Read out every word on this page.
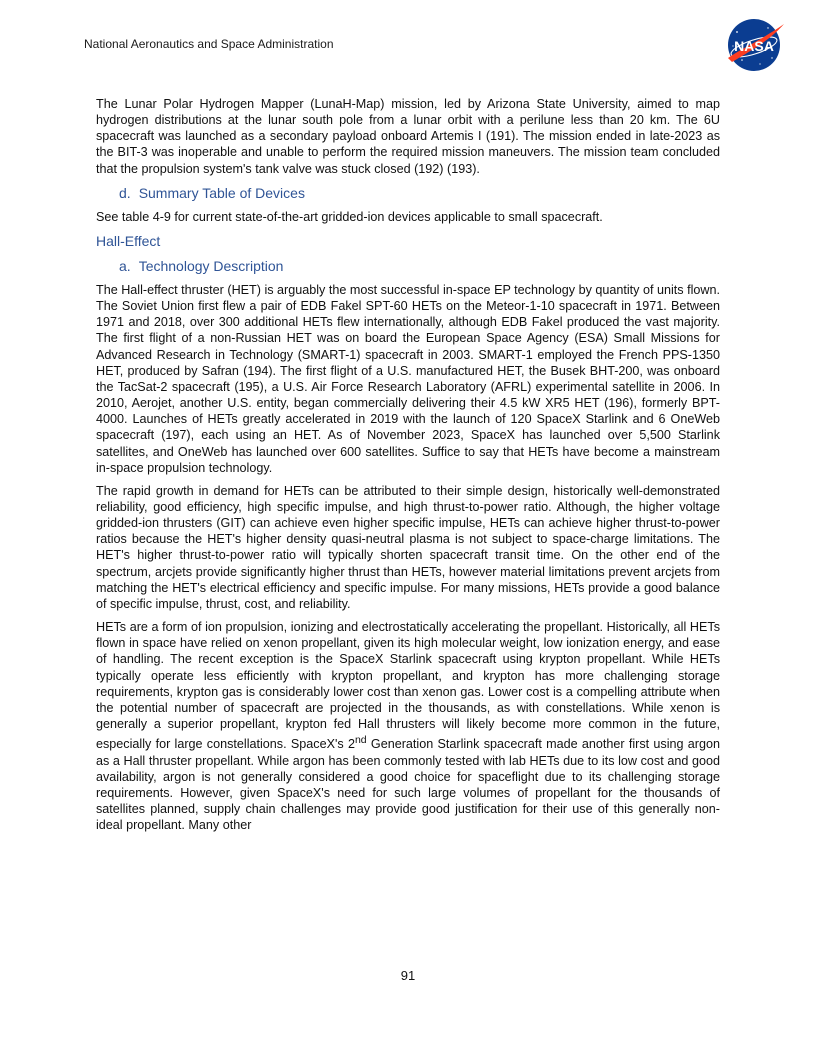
National Aeronautics and Space Administration	NASA

The Lunar Polar Hydrogen Mapper (LunaH-Map) mission, led by Arizona State University, aimed to map hydrogen distributions at the lunar south pole from a lunar orbit with a perilune less than 20 km. The 6U spacecraft was launched as a secondary payload onboard Artemis I (191). The mission ended in late-2023 as the BIT-3 was inoperable and unable to perform the required mission maneuvers. The mission team concluded that the propulsion system's tank valve was stuck closed (192) (193).

d. Summary Table of Devices

See table 4-9 for current state-of-the-art gridded-ion devices applicable to small spacecraft.

Hall-Effect
a. Technology Description

The Hall-effect thruster (HET) is arguably the most successful in-space EP technology by quantity of units flown. The Soviet Union first flew a pair of EDB Fakel SPT-60 HETs on the Meteor-1-10 spacecraft in 1971. Between 1971 and 2018, over 300 additional HETs flew internationally, although EDB Fakel produced the vast majority. The first flight of a non-Russian HET was on board the European Space Agency (ESA) Small Missions for Advanced Research in Technology (SMART-1) spacecraft in 2003. SMART-1 employed the French PPS-1350 HET, produced by Safran (194). The first flight of a U.S. manufactured HET, the Busek BHT-200, was onboard the TacSat-2 spacecraft (195), a U.S. Air Force Research Laboratory (AFRL) experimental satellite in 2006. In 2010, Aerojet, another U.S. entity, began commercially delivering their 4.5 kW XR5 HET (196), formerly BPT-4000. Launches of HETs greatly accelerated in 2019 with the launch of 120 SpaceX Starlink and 6 OneWeb spacecraft (197), each using an HET. As of November 2023, SpaceX has launched over 5,500 Starlink satellites, and OneWeb has launched over 600 satellites. Suffice to say that HETs have become a mainstream in-space propulsion technology.

The rapid growth in demand for HETs can be attributed to their simple design, historically well-demonstrated reliability, good efficiency, high specific impulse, and high thrust-to-power ratio. Although, the higher voltage gridded-ion thrusters (GIT) can achieve even higher specific impulse, HETs can achieve higher thrust-to-power ratios because the HET's higher density quasi-neutral plasma is not subject to space-charge limitations. The HET's higher thrust-to-power ratio will typically shorten spacecraft transit time. On the other end of the spectrum, arcjets provide significantly higher thrust than HETs, however material limitations prevent arcjets from matching the HET's electrical efficiency and specific impulse. For many missions, HETs provide a good balance of specific impulse, thrust, cost, and reliability.

HETs are a form of ion propulsion, ionizing and electrostatically accelerating the propellant. Historically, all HETs flown in space have relied on xenon propellant, given its high molecular weight, low ionization energy, and ease of handling. The recent exception is the SpaceX Starlink spacecraft using krypton propellant. While HETs typically operate less efficiently with krypton propellant, and krypton has more challenging storage requirements, krypton gas is considerably lower cost than xenon gas. Lower cost is a compelling attribute when the potential number of spacecraft are projected in the thousands, as with constellations. While xenon is generally a superior propellant, krypton fed Hall thrusters will likely become more common in the future, especially for large constellations. SpaceX's 2nd Generation Starlink spacecraft made another first using argon as a Hall thruster propellant. While argon has been commonly tested with lab HETs due to its low cost and good availability, argon is not generally considered a good choice for spaceflight due to its challenging storage requirements. However, given SpaceX's need for such large volumes of propellant for the thousands of satellites planned, supply chain challenges may provide good justification for their use of this generally non-ideal propellant. Many other

91
